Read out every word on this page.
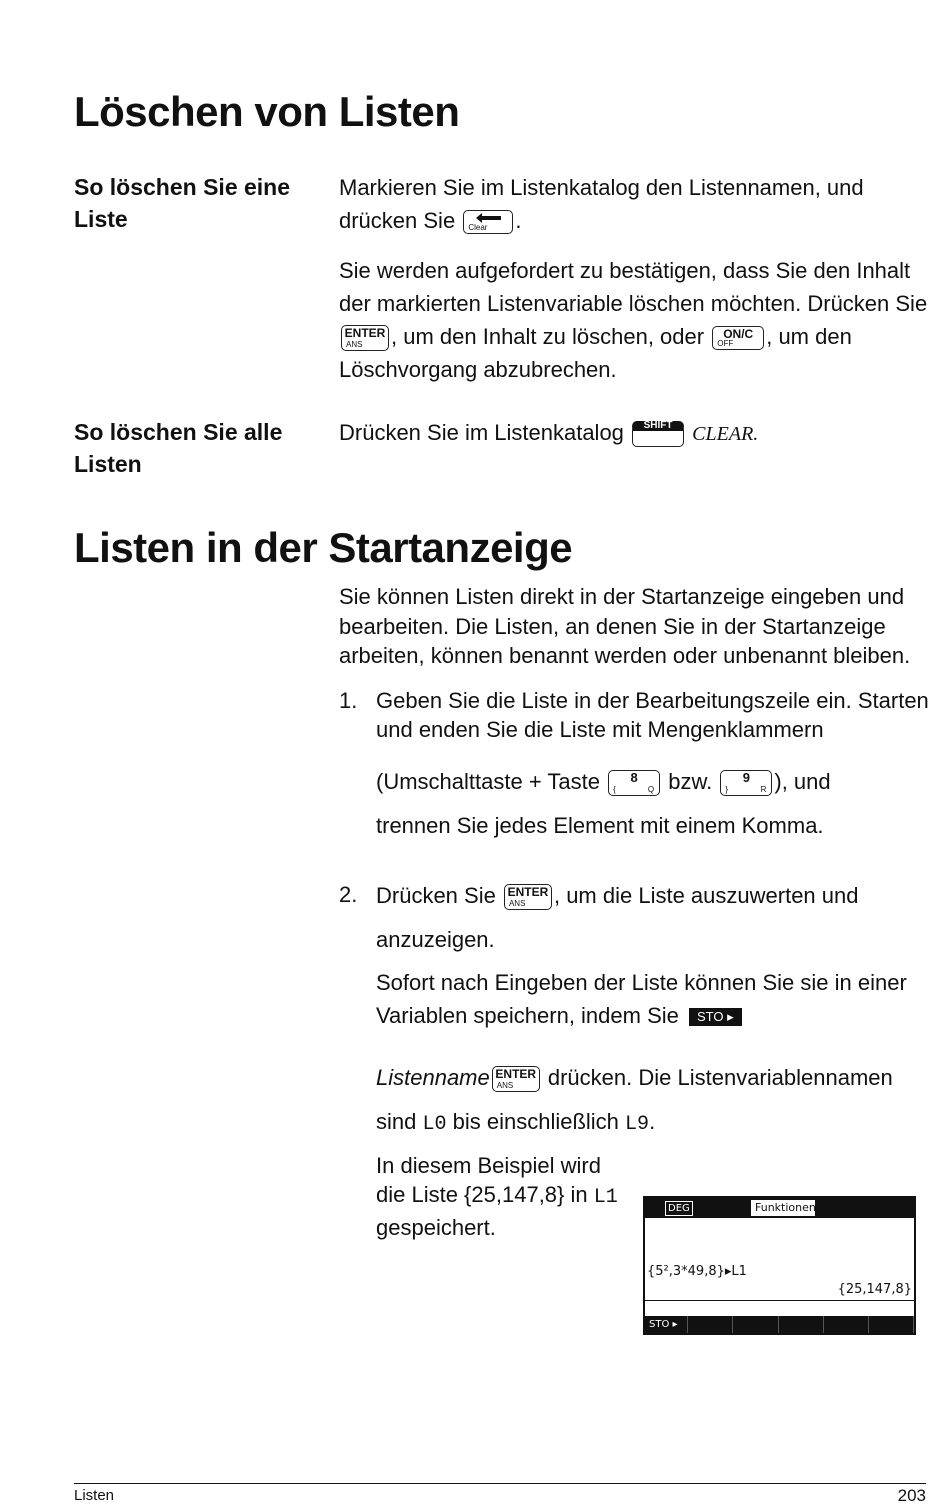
Löschen von Listen
So löschen Sie eine Liste

Markieren Sie im Listenkatalog den Listennamen, und drücken Sie Clear .

Sie werden aufgefordert zu bestätigen, dass Sie den Inhalt der markierten Listenvariable löschen möchten. Drücken Sie
ENTER
ANS , um den Inhalt zu löschen, oder	ON/C
OFF , um den Löschvorgang abzubrechen.

So löschen Sie alle Listen

Drücken Sie im Listenkatalog	SHIFT CLEAR.

Listen in der Startanzeige

Sie können Listen direkt in der Startanzeige eingeben und bearbeiten. Die Listen, an denen Sie in der Startanzeige arbeiten, können benannt werden oder unbenannt bleiben.

1. Geben Sie die Liste in der Bearbeitungszeile ein. Starten und enden Sie die Liste mit Mengenklammern

(Umschalttaste + Taste	8
{	Q bzw.	9
}	R ), und

trennen Sie jedes Element mit einem Komma.

2. Drücken Sie ENTER
ANS , um die Liste auszuwerten und

anzuzeigen.

Sofort nach Eingeben der Liste können Sie sie in einer Variablen speichern, indem Sie STO ▸

Listenname ENTER
ANS drücken. Die Listenvariablennamen

sind L0 bis einschließlich L9.

In diesem Beispiel wird die Liste {25,147,8} in L1 gespeichert.

DEG	Funktionen
{5²,3*49,8}▸L1
{25,147,8}
STO ▸
Listen	203
